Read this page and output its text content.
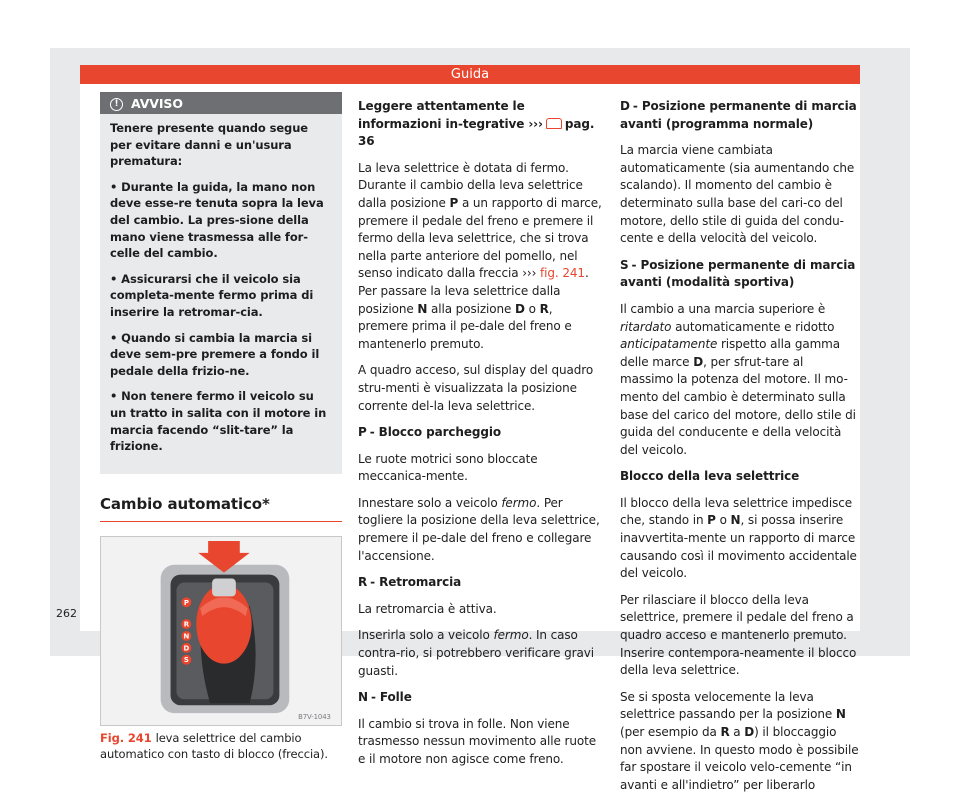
Guida
!	AVVISO

Tenere presente quando segue per evitare danni e un'usura prematura:

• Durante la guida, la mano non deve esse-re tenuta sopra la leva del cambio. La pres-sione della mano viene trasmessa alle for-celle del cambio.

• Assicurarsi che il veicolo sia completa-mente fermo prima di inserire la retromar-cia.

• Quando si cambia la marcia si deve sem-pre premere a fondo il pedale della frizio-ne.

• Non tenere fermo il veicolo su un tratto in salita con il motore in marcia facendo “slit-tare” la frizione.

Cambio automatico*
P
R
N
D
S
B7V-1043
Fig. 241 leva selettrice del cambio automatico con tasto di blocco (freccia).

Leggere attentamente le informazioni in-tegrative ››› pag. 36

La leva selettrice è dotata di fermo. Durante il cambio della leva selettrice dalla posizione P a un rapporto di marce, premere il pedale del freno e premere il fermo della leva selettrice, che si trova nella parte anteriore del pomello, nel senso indicato dalla freccia ››› fig. 241. Per passare la leva selettrice dalla posizione N alla posizione D o R, premere prima il pe-dale del freno e mantenerlo premuto.

A quadro acceso, sul display del quadro stru-menti è visualizzata la posizione corrente del-la leva selettrice.

P - Blocco parcheggio

Le ruote motrici sono bloccate meccanica-mente.

Innestare solo a veicolo fermo. Per togliere la posizione della leva selettrice, premere il pe-dale del freno e collegare l'accensione.

R - Retromarcia

La retromarcia è attiva.

Inserirla solo a veicolo fermo. In caso contra-rio, si potrebbero verificare gravi guasti.

N - Folle

Il cambio si trova in folle. Non viene trasmesso nessun movimento alle ruote e il motore non agisce come freno.

D - Posizione permanente di marcia avanti (programma normale)

La marcia viene cambiata automaticamente (sia aumentando che scalando). Il momento del cambio è determinato sulla base del cari-co del motore, dello stile di guida del condu-cente e della velocità del veicolo.

S - Posizione permanente di marcia avanti (modalità sportiva)

Il cambio a una marcia superiore è ritardato automaticamente e ridotto anticipatamente rispetto alla gamma delle marce D, per sfrut-tare al massimo la potenza del motore. Il mo-mento del cambio è determinato sulla base del carico del motore, dello stile di guida del conducente e della velocità del veicolo.

Blocco della leva selettrice

Il blocco della leva selettrice impedisce che, stando in P o N, si possa inserire inavvertita-mente un rapporto di marce causando così il movimento accidentale del veicolo.

Per rilasciare il blocco della leva selettrice, premere il pedale del freno a quadro acceso e mantenerlo premuto. Inserire contempora-neamente il blocco della leva selettrice.

Se si sposta velocemente la leva selettrice passando per la posizione N (per esempio da R a D) il bloccaggio non avviene. In questo modo è possibile far spostare il veicolo velo-cemente “in avanti e all'indietro” per liberarlo

262
